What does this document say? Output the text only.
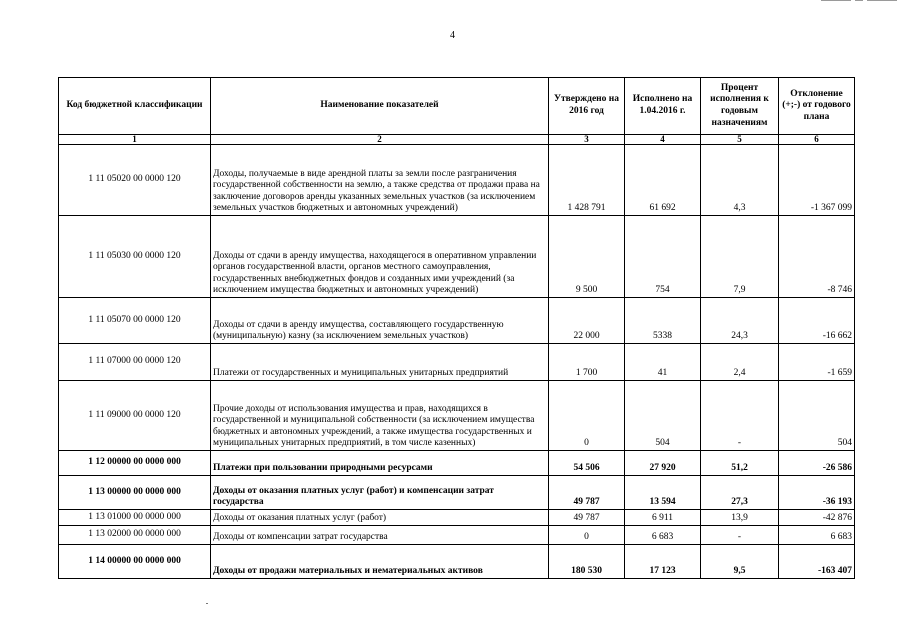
4
Код бюджетной классификации	Наименование показателей	Утверждено на 2016 год	Исполнено на 1.04.2016 г.	Процент исполнения к годовым назначениям	Отклонение (+;-) от годового плана
1	2	3	4	5	6
1 11 05020 00 0000 120	Доходы, получаемые в виде арендной платы за земли после разграничения государственной собственности на землю, а также средства от продажи права на заключение договоров аренды указанных земельных участков (за исключением земельных участков бюджетных и автономных учреждений)	1 428 791	61 692	4,3	-1 367 099
1 11 05030 00 0000 120	Доходы от сдачи в аренду имущества, находящегося в оперативном управлении органов государственной власти, органов местного самоуправления, государственных внебюджетных фондов и созданных ими учреждений (за исключением имущества бюджетных и автономных учреждений)	9 500	754	7,9	-8 746
1 11 05070 00 0000 120	Доходы от сдачи в аренду имущества, составляющего государственную (муниципальную) казну (за исключением земельных участков)	22 000	5338	24,3	-16 662
1 11 07000 00 0000 120	Платежи от государственных и муниципальных унитарных предприятий	1 700	41	2,4	-1 659
1 11 09000 00 0000 120	Прочие доходы от использования имущества и прав, находящихся в государственной и муниципальной собственности (за исключением имущества бюджетных и автономных учреждений, а также имущества государственных и муниципальных унитарных предприятий, в том числе казенных)	0	504	-	504
1 12 00000 00 0000 000	Платежи при пользовании природными ресурсами	54 506	27 920	51,2	-26 586
1 13 00000 00 0000 000	Доходы от оказания платных услуг (работ) и компенсации затрат государства	49 787	13 594	27,3	-36 193
1 13 01000 00 0000 000	Доходы от оказания платных услуг (работ)	49 787	6 911	13,9	-42 876
1 13 02000 00 0000 000	Доходы от компенсации затрат государства	0	6 683	-	6 683
1 14 00000 00 0000 000	Доходы от продажи материальных и нематериальных активов	180 530	17 123	9,5	-163 407
